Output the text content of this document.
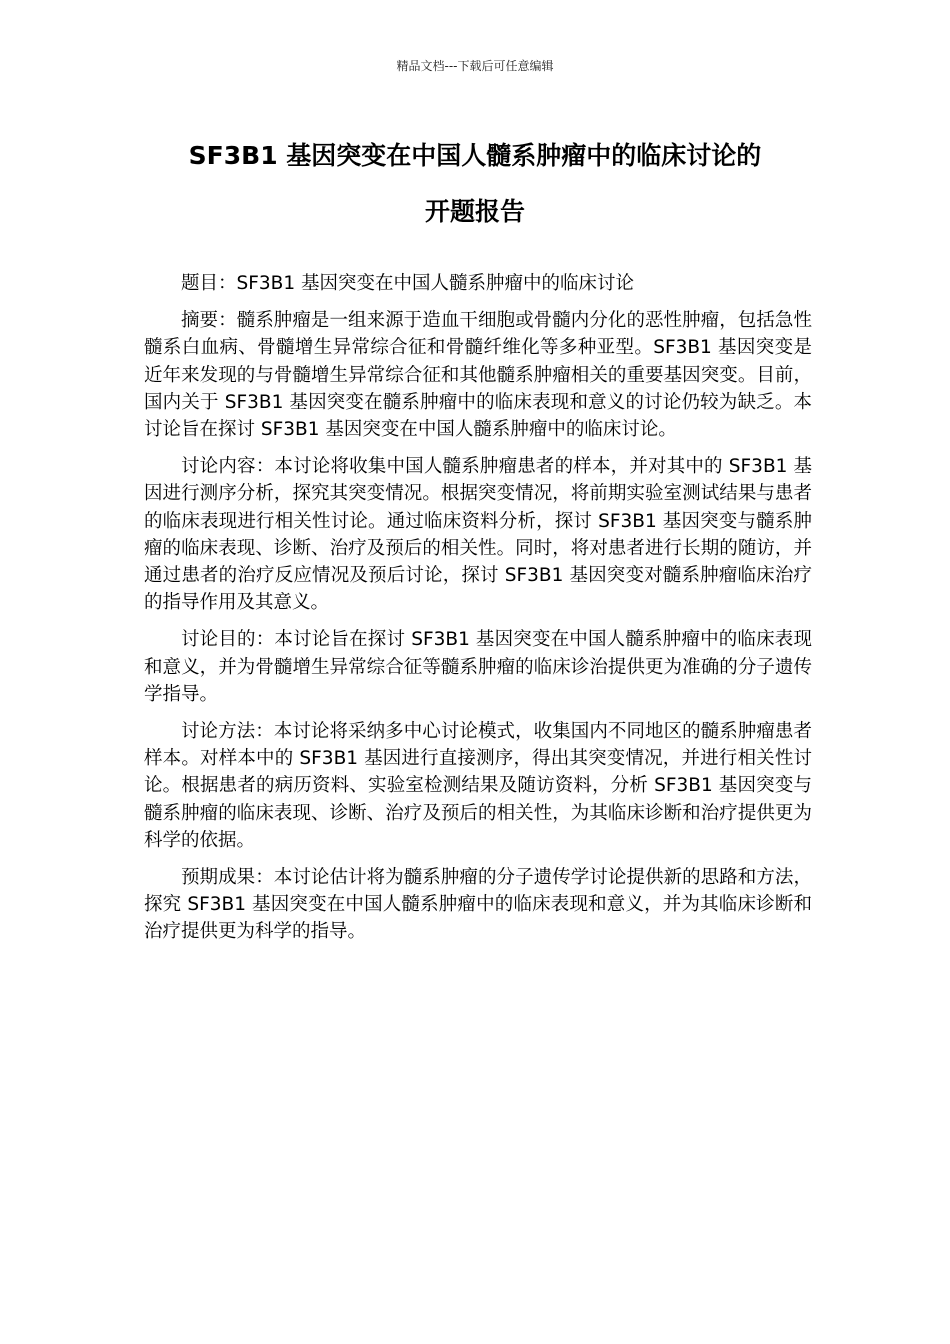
精品文档---下载后可任意编辑
SF3B1 基因突变在中国人髓系肿瘤中的临床讨论的
开题报告

题目：SF3B1 基因突变在中国人髓系肿瘤中的临床讨论

摘要：髓系肿瘤是一组来源于造血干细胞或骨髓内分化的恶性肿瘤，包括急性髓系白血病、骨髓增生异常综合征和骨髓纤维化等多种亚型。SF3B1 基因突变是近年来发现的与骨髓增生异常综合征和其他髓系肿瘤相关的重要基因突变。目前，国内关于 SF3B1 基因突变在髓系肿瘤中的临床表现和意义的讨论仍较为缺乏。本讨论旨在探讨 SF3B1 基因突变在中国人髓系肿瘤中的临床讨论。

讨论内容：本讨论将收集中国人髓系肿瘤患者的样本，并对其中的 SF3B1 基因进行测序分析，探究其突变情况。根据突变情况，将前期实验室测试结果与患者的临床表现进行相关性讨论。通过临床资料分析，探讨 SF3B1 基因突变与髓系肿瘤的临床表现、诊断、治疗及预后的相关性。同时，将对患者进行长期的随访，并通过患者的治疗反应情况及预后讨论，探讨 SF3B1 基因突变对髓系肿瘤临床治疗的指导作用及其意义。

讨论目的：本讨论旨在探讨 SF3B1 基因突变在中国人髓系肿瘤中的临床表现和意义，并为骨髓增生异常综合征等髓系肿瘤的临床诊治提供更为准确的分子遗传学指导。

讨论方法：本讨论将采纳多中心讨论模式，收集国内不同地区的髓系肿瘤患者样本。对样本中的 SF3B1 基因进行直接测序，得出其突变情况，并进行相关性讨论。根据患者的病历资料、实验室检测结果及随访资料，分析 SF3B1 基因突变与髓系肿瘤的临床表现、诊断、治疗及预后的相关性，为其临床诊断和治疗提供更为科学的依据。

预期成果：本讨论估计将为髓系肿瘤的分子遗传学讨论提供新的思路和方法，探究 SF3B1 基因突变在中国人髓系肿瘤中的临床表现和意义，并为其临床诊断和治疗提供更为科学的指导。
